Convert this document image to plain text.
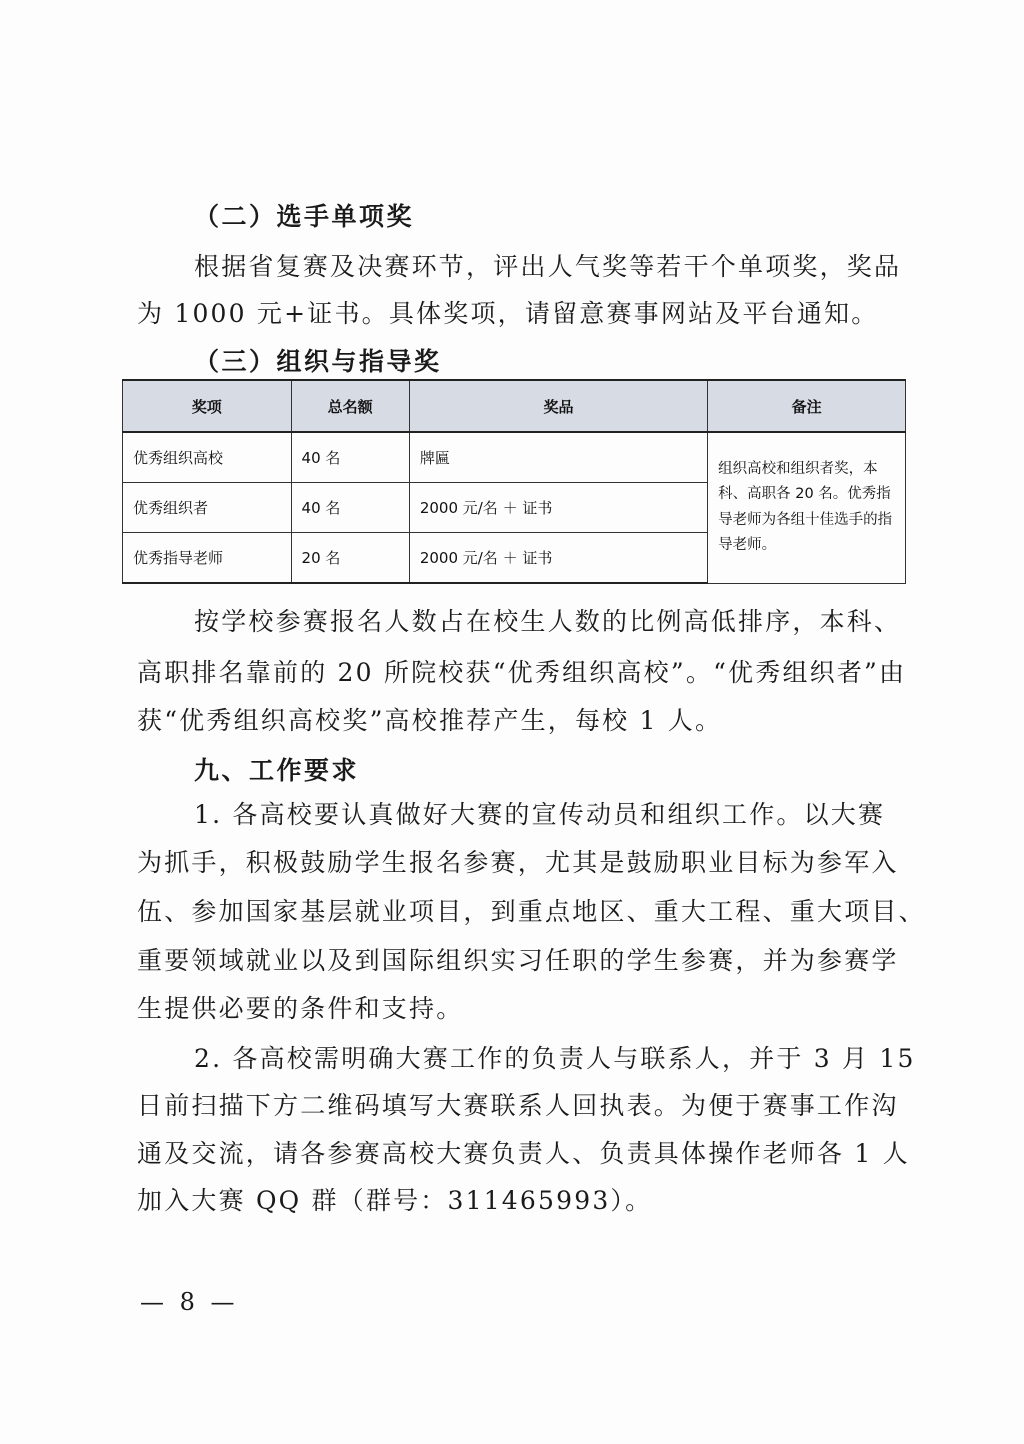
（二）选手单项奖
根据省复赛及决赛环节，评出人气奖等若干个单项奖，奖品
为 1000 元+证书。具体奖项，请留意赛事网站及平台通知。
（三）组织与指导奖
奖项	总名额	奖品	备注
优秀组织高校	40 名	牌匾	组织高校和组织者奖，本科、高职各 20 名。优秀指导老师为各组十佳选手的指导老师。
优秀组织者	40 名	2000 元/名 ＋ 证书	
优秀指导老师	20 名	2000 元/名 ＋ 证书	
按学校参赛报名人数占在校生人数的比例高低排序，本科、
高职排名靠前的 20 所院校获“优秀组织高校”。“优秀组织者”由
获“优秀组织高校奖”高校推荐产生，每校 1 人。
九、工作要求
1. 各高校要认真做好大赛的宣传动员和组织工作。以大赛
为抓手，积极鼓励学生报名参赛，尤其是鼓励职业目标为参军入
伍、参加国家基层就业项目，到重点地区、重大工程、重大项目、
重要领域就业以及到国际组织实习任职的学生参赛，并为参赛学
生提供必要的条件和支持。
2. 各高校需明确大赛工作的负责人与联系人，并于 3 月 15
日前扫描下方二维码填写大赛联系人回执表。为便于赛事工作沟
通及交流，请各参赛高校大赛负责人、负责具体操作老师各 1 人
加入大赛 QQ 群（群号：311465993）。
— 8 —
